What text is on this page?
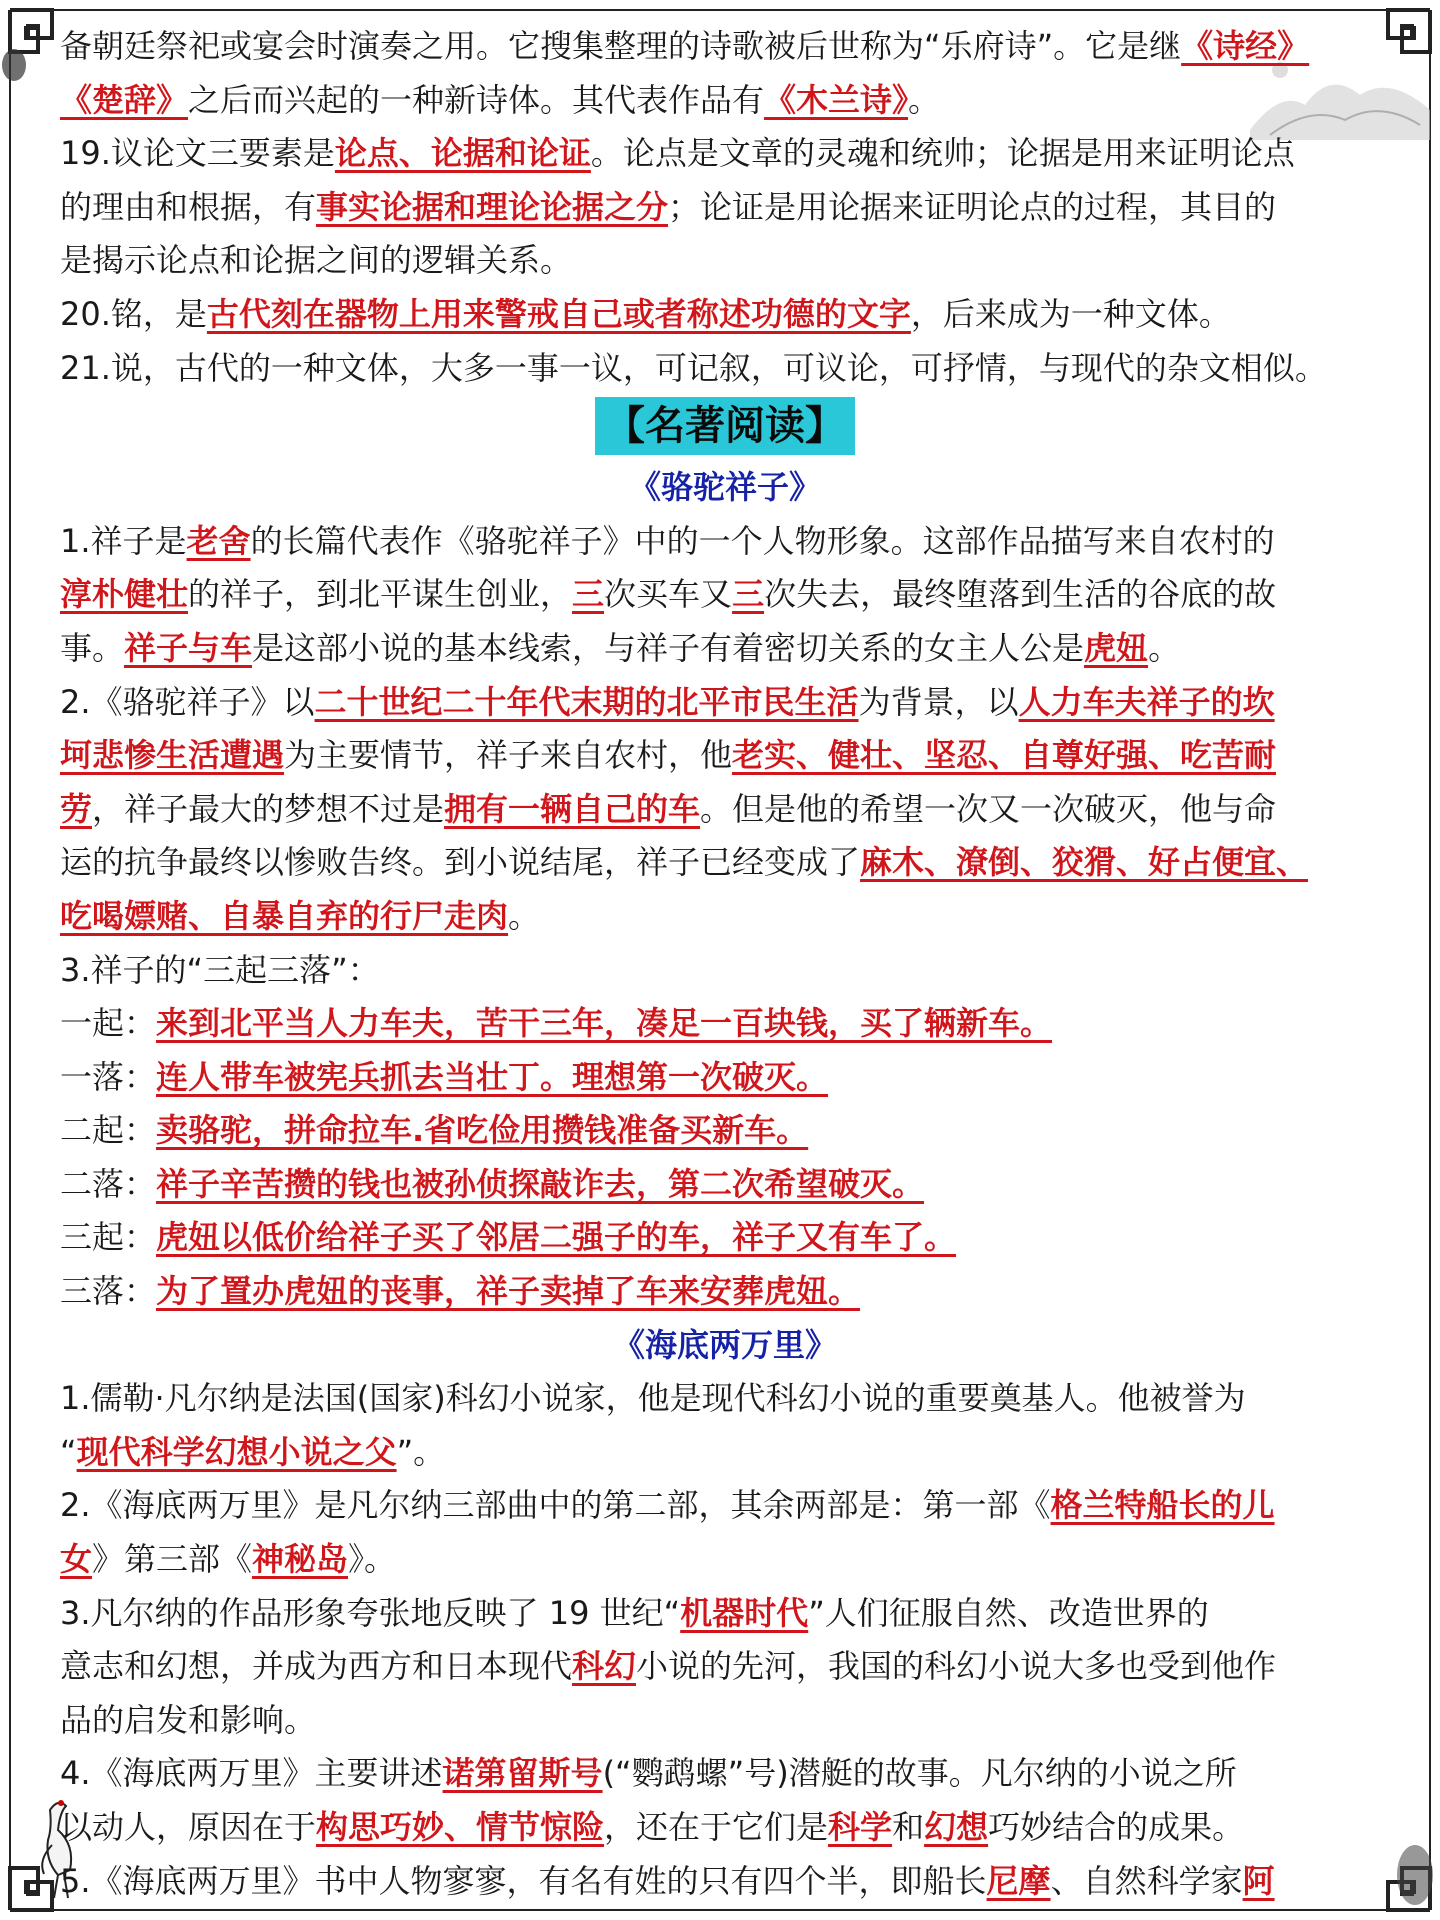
备朝廷祭祀或宴会时演奏之用。它搜集整理的诗歌被后世称为“乐府诗”。它是继《诗经》
《楚辞》之后而兴起的一种新诗体。其代表作品有《木兰诗》。
19.议论文三要素是论点、论据和论证。论点是文章的灵魂和统帅；论据是用来证明论点
的理由和根据，有事实论据和理论论据之分；论证是用论据来证明论点的过程，其目的
是揭示论点和论据之间的逻辑关系。
20.铭，是古代刻在器物上用来警戒自己或者称述功德的文字，后来成为一种文体。
21.说，古代的一种文体，大多一事一议，可记叙，可议论，可抒情，与现代的杂文相似。
【名著阅读】
《骆驼祥子》
1.祥子是老舍的长篇代表作《骆驼祥子》中的一个人物形象。这部作品描写来自农村的
淳朴健壮的祥子，到北平谋生创业，三次买车又三次失去，最终堕落到生活的谷底的故
事。祥子与车是这部小说的基本线索，与祥子有着密切关系的女主人公是虎妞。
2.《骆驼祥子》以二十世纪二十年代末期的北平市民生活为背景，以人力车夫祥子的坎
坷悲惨生活遭遇为主要情节，祥子来自农村，他老实、健壮、坚忍、自尊好强、吃苦耐
劳，祥子最大的梦想不过是拥有一辆自己的车。但是他的希望一次又一次破灭，他与命
运的抗争最终以惨败告终。到小说结尾，祥子已经变成了麻木、潦倒、狡猾、好占便宜、
吃喝嫖赌、自暴自弃的行尸走肉。
3.祥子的“三起三落”：
一起：来到北平当人力车夫，苦干三年，凑足一百块钱，买了辆新车。
一落：连人带车被宪兵抓去当壮丁。理想第一次破灭。
二起：卖骆驼，拼命拉车.省吃俭用攒钱准备买新车。
二落：祥子辛苦攒的钱也被孙侦探敲诈去，第二次希望破灭。
三起：虎妞以低价给祥子买了邻居二强子的车，祥子又有车了。
三落：为了置办虎妞的丧事，祥子卖掉了车来安葬虎妞。
《海底两万里》
1.儒勒·凡尔纳是法国(国家)科幻小说家，他是现代科幻小说的重要奠基人。他被誉为
“现代科学幻想小说之父”。
2.《海底两万里》是凡尔纳三部曲中的第二部，其余两部是：第一部《格兰特船长的儿
女》第三部《神秘岛》。
3.凡尔纳的作品形象夸张地反映了 19 世纪“机器时代”人们征服自然、改造世界的
意志和幻想，并成为西方和日本现代科幻小说的先河，我国的科幻小说大多也受到他作
品的启发和影响。
4.《海底两万里》主要讲述诺第留斯号(“鹦鹉螺”号)潜艇的故事。凡尔纳的小说之所
以动人，原因在于构思巧妙、情节惊险，还在于它们是科学和幻想巧妙结合的成果。
5.《海底两万里》书中人物寥寥，有名有姓的只有四个半，即船长尼摩、自然科学家阿
